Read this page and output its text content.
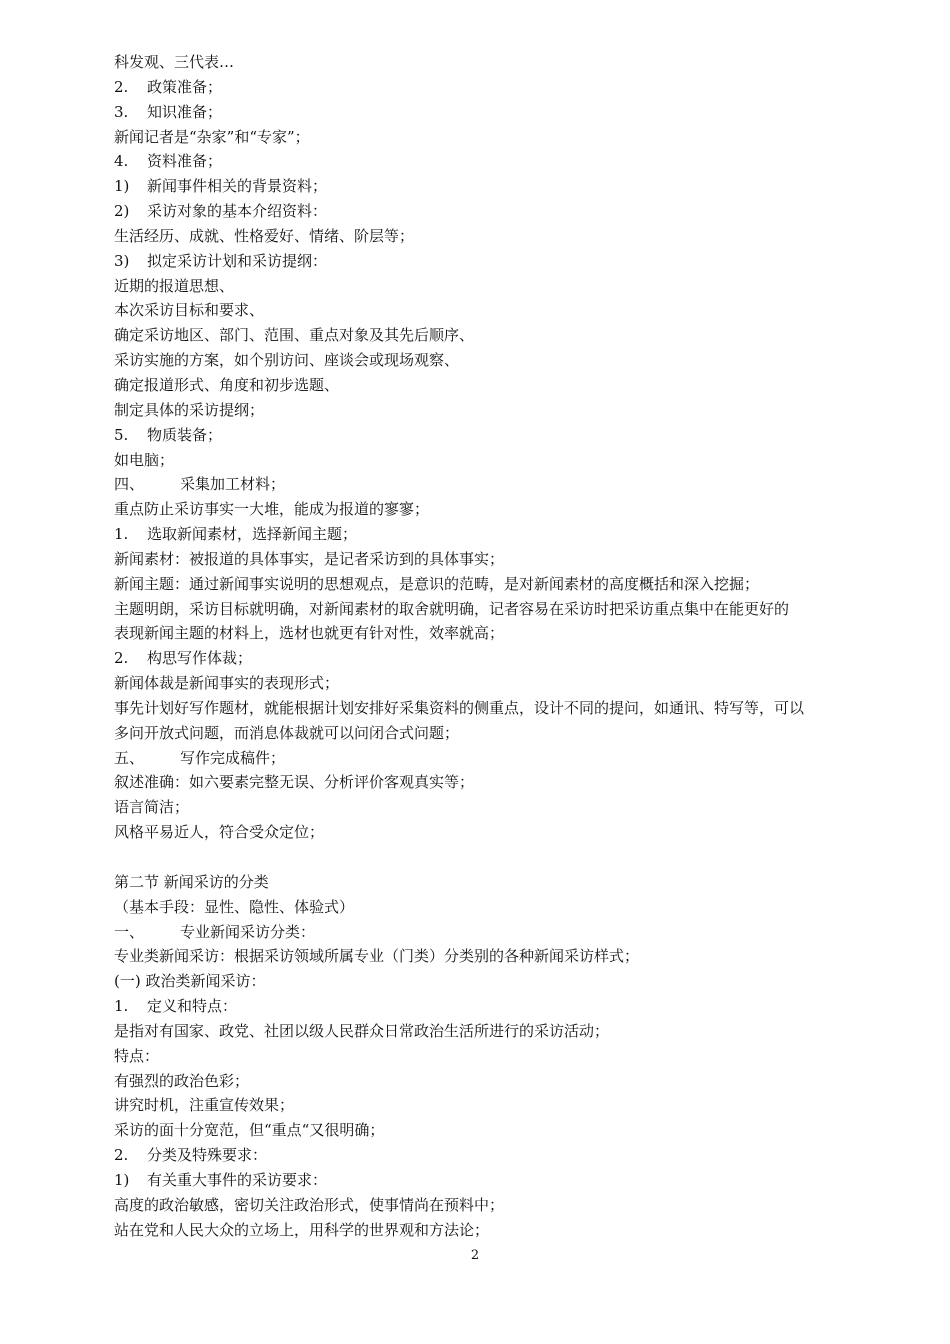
科发观、三代表…
2. 政策准备；
3. 知识准备；
新闻记者是“杂家”和“专家”；
4. 资料准备；
1) 新闻事件相关的背景资料；
2) 采访对象的基本介绍资料：
生活经历、成就、性格爱好、情绪、阶层等；
3) 拟定采访计划和采访提纲：
近期的报道思想、
本次采访目标和要求、
确定采访地区、部门、范围、重点对象及其先后顺序、
采访实施的方案，如个别访问、座谈会或现场观察、
确定报道形式、角度和初步选题、
制定具体的采访提纲；
5. 物质装备；
如电脑；
四、 采集加工材料；
重点防止采访事实一大堆，能成为报道的寥寥；
1. 选取新闻素材，选择新闻主题；
新闻素材：被报道的具体事实，是记者采访到的具体事实；
新闻主题：通过新闻事实说明的思想观点，是意识的范畴，是对新闻素材的高度概括和深入挖掘；
主题明朗，采访目标就明确，对新闻素材的取舍就明确，记者容易在采访时把采访重点集中在能更好的
表现新闻主题的材料上，选材也就更有针对性，效率就高；
2. 构思写作体裁；
新闻体裁是新闻事实的表现形式；
事先计划好写作题材，就能根据计划安排好采集资料的侧重点，设计不同的提问，如通讯、特写等，可以
多问开放式问题，而消息体裁就可以问闭合式问题；
五、 写作完成稿件；
叙述准确：如六要素完整无误、分析评价客观真实等；
语言简洁；
风格平易近人，符合受众定位；
第二节 新闻采访的分类
（基本手段：显性、隐性、体验式）
一、 专业新闻采访分类：
专业类新闻采访：根据采访领域所属专业（门类）分类别的各种新闻采访样式；
(一) 政治类新闻采访：
1. 定义和特点：
是指对有国家、政党、社团以级人民群众日常政治生活所进行的采访活动；
特点：
有强烈的政治色彩；
讲究时机，注重宣传效果；
采访的面十分宽范，但“重点“又很明确；
2. 分类及特殊要求：
1) 有关重大事件的采访要求：
高度的政治敏感，密切关注政治形式，使事情尚在预料中；
站在党和人民大众的立场上，用科学的世界观和方法论；
2
